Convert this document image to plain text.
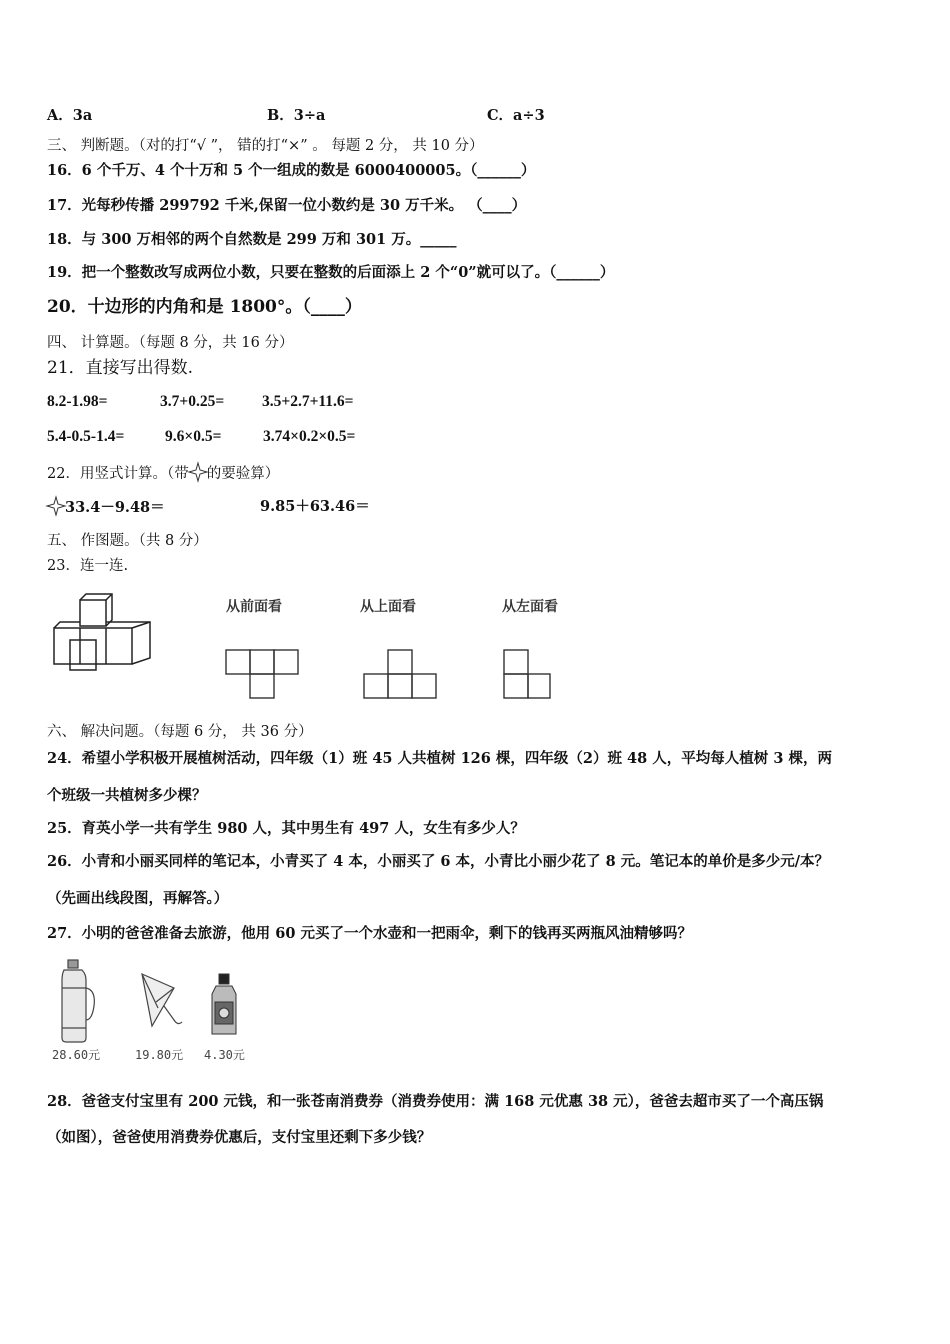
A．3a	B．3÷a	C．a÷3
三、 判断题。（对的打“√ ”， 错的打“×” 。 每题 2 分， 共 10 分）
16．6 个千万、4 个十万和 5 个一组成的数是 6000400005。（______）
17．光每秒传播 299792 千米,保留一位小数约是 30 万千米。 （____）
18．与 300 万相邻的两个自然数是 299 万和 301 万。_____
19．把一个整数改写成两位小数，只要在整数的后面添上 2 个“0”就可以了。（______）
20．十边形的内角和是 1800°。（____）
四、 计算题。（每题 8 分，共 16 分）
21．直接写出得数.
8.2-1.98=	3.7+0.25= 3.5+2.7+11.6=
5.4-0.5-1.4=	9.6×0.5=	3.74×0.2×0.5=
22．用竖式计算。（带 的要验算）
33.4－9.48＝	9.85＋63.46＝
五、 作图题。（共 8 分）
23．连一连.
从前面看	从上面看	从左面看
六、 解决问题。（每题 6 分， 共 36 分）
24．希望小学积极开展植树活动，四年级（1）班 45 人共植树 126 棵，四年级（2）班 48 人，平均每人植树 3 棵，两
个班级一共植树多少棵？
25．育英小学一共有学生 980 人，其中男生有 497 人，女生有多少人？
26．小青和小丽买同样的笔记本，小青买了 4 本，小丽买了 6 本，小青比小丽少花了 8 元。笔记本的单价是多少元/本？
（先画出线段图，再解答。）
27．小明的爸爸准备去旅游，他用 60 元买了一个水壶和一把雨伞，剩下的钱再买两瓶风油精够吗？
28.60元	19.80元 4.30元
28．爸爸支付宝里有 200 元钱，和一张苍南消费券（消费券使用：满 168 元优惠 38 元），爸爸去超市买了一个高压锅
（如图），爸爸使用消费券优惠后，支付宝里还剩下多少钱？
